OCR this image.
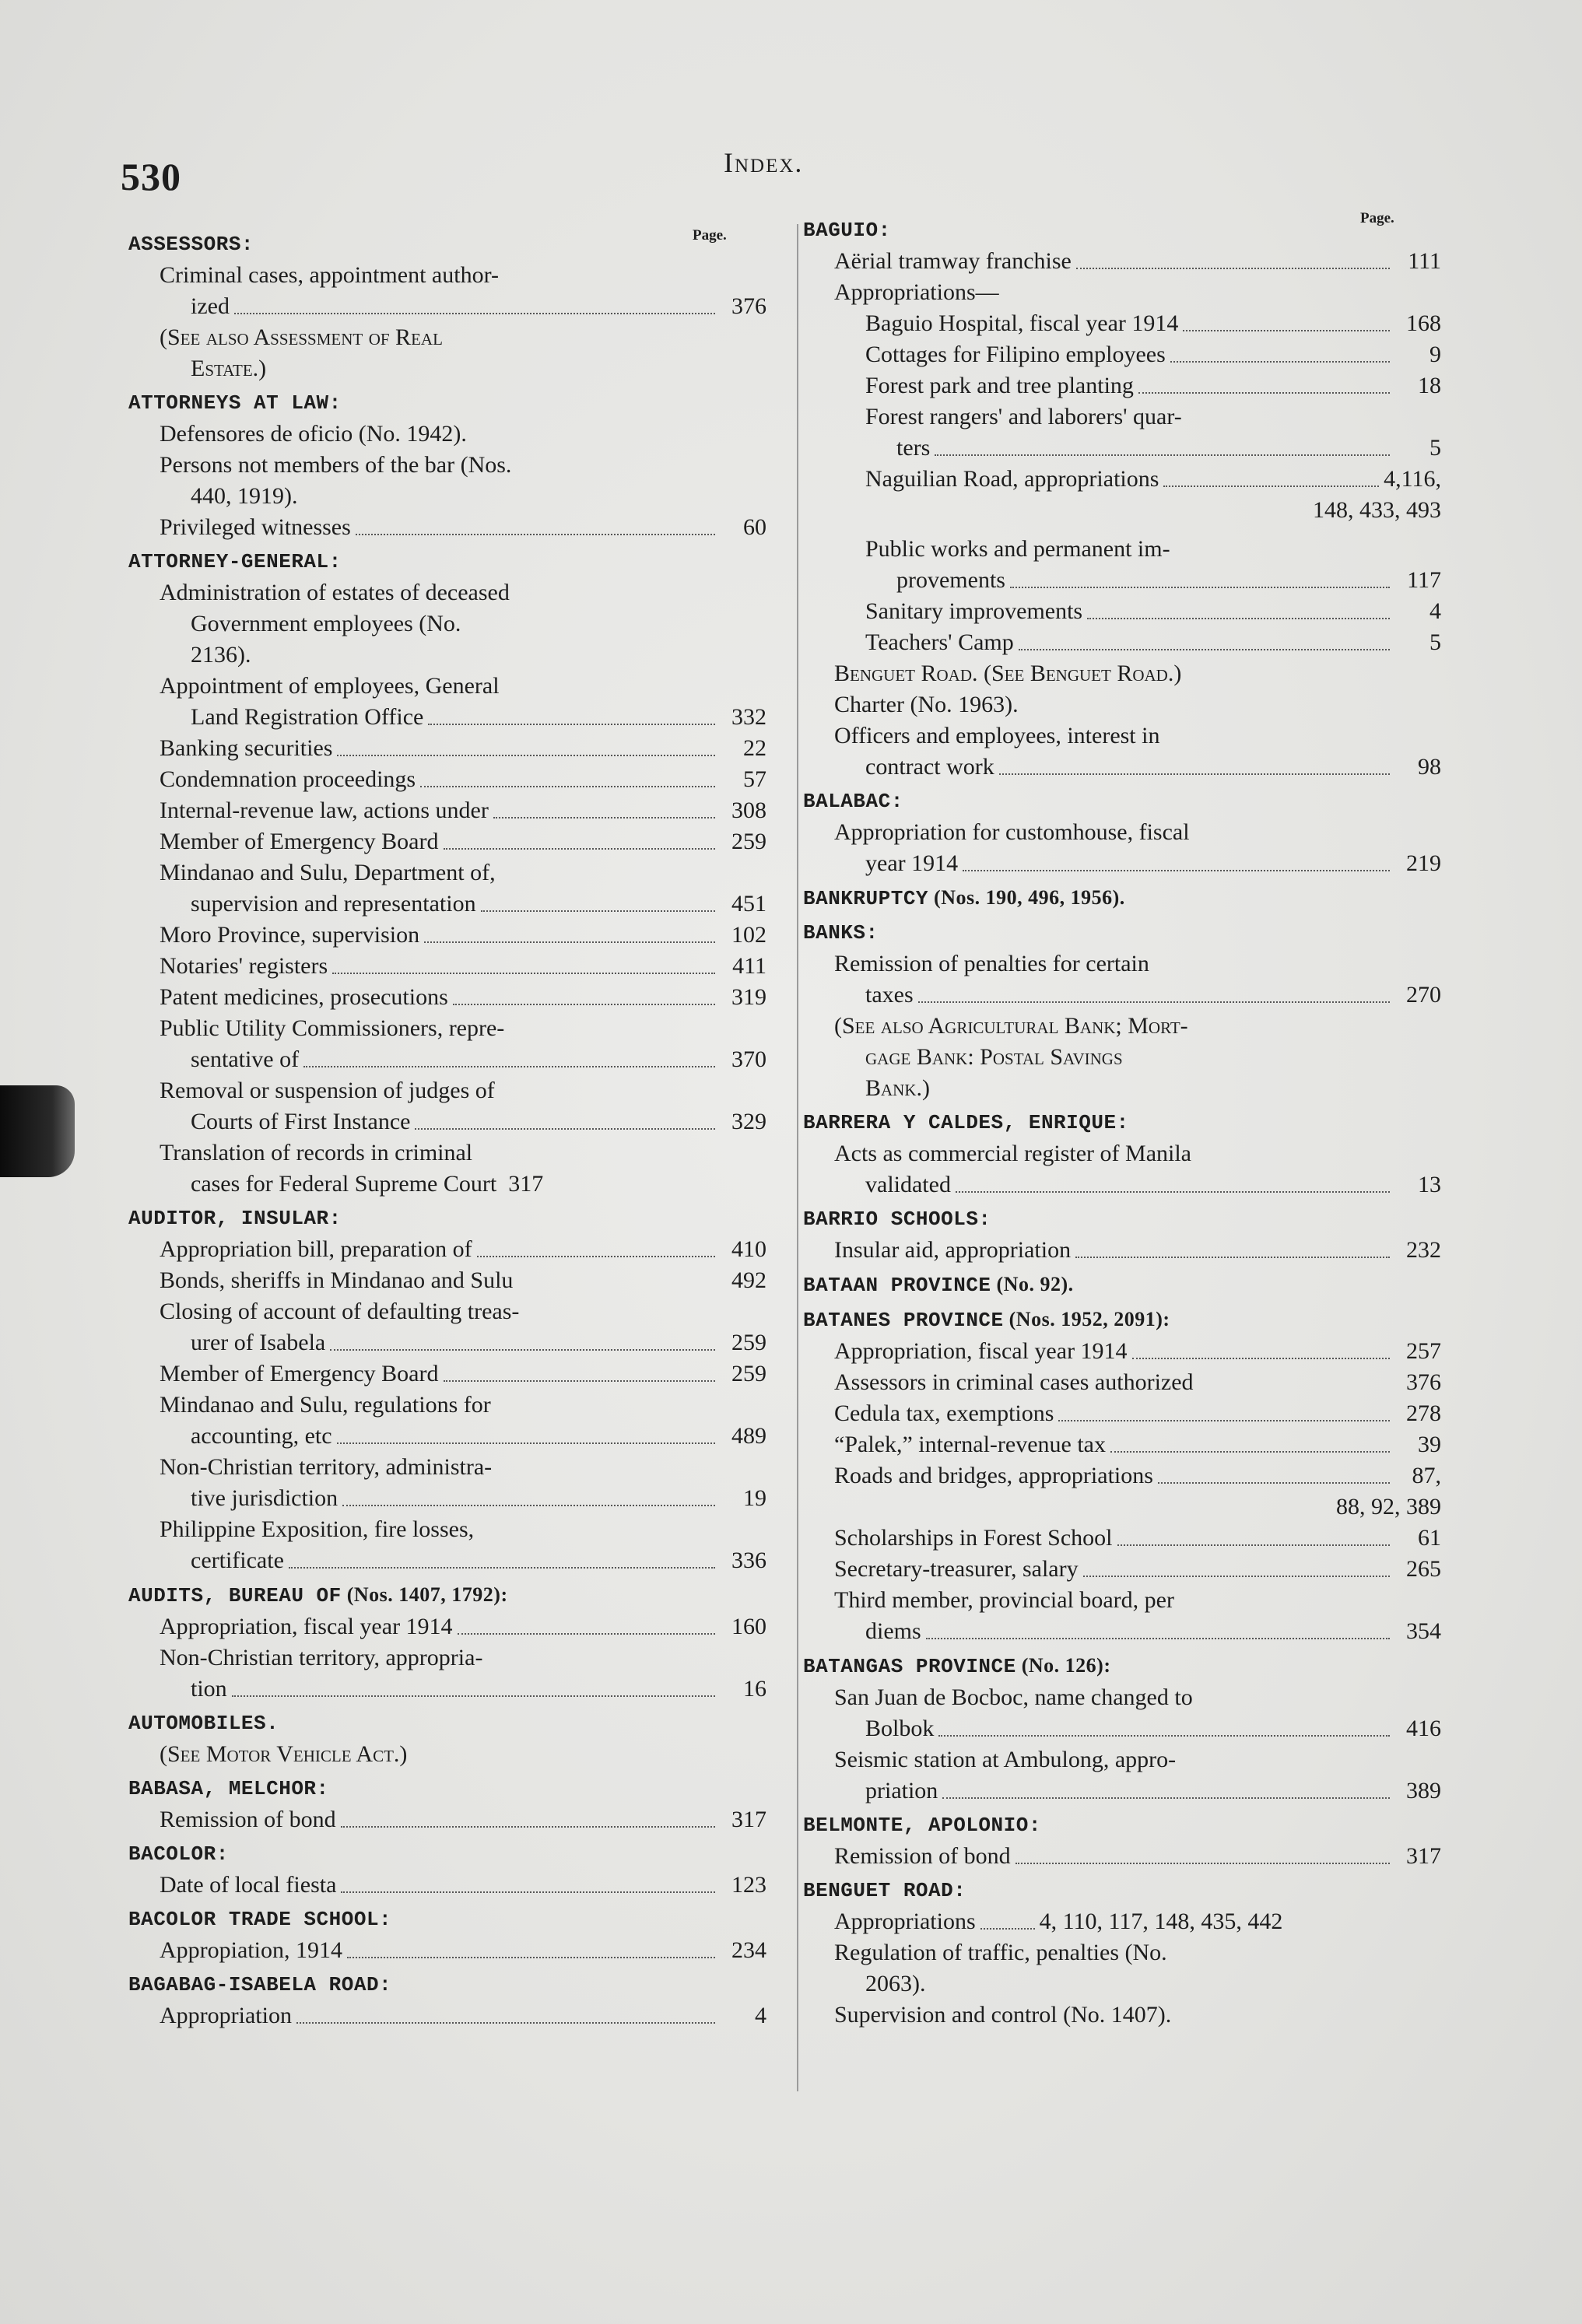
530	Index.
Page.
Page.
ASSESSORS:
Criminal cases, appointment author-
ized	376
(See also Assessment of Real
Estate.)
ATTORNEYS AT LAW:
Defensores de oficio (No. 1942).
Persons not members of the bar (Nos.
440, 1919).
Privileged witnesses	60
ATTORNEY-GENERAL:
Administration of estates of deceased
Government employees (No.
2136).
Appointment of employees, General
Land Registration Office	332
Banking securities	22
Condemnation proceedings	57
Internal-revenue law, actions under	308
Member of Emergency Board	259
Mindanao and Sulu, Department of,
supervision and representation	451
Moro Province, supervision	102
Notaries' registers	411
Patent medicines, prosecutions	319
Public Utility Commissioners, repre-
sentative of	370
Removal or suspension of judges of
Courts of First Instance	329
Translation of records in criminal
cases for Federal Supreme Court 317
AUDITOR, INSULAR:
Appropriation bill, preparation of	410
Bonds, sheriffs in Mindanao and Sulu	492
Closing of account of defaulting treas-
urer of Isabela	259
Member of Emergency Board	259
Mindanao and Sulu, regulations for
accounting, etc	489
Non-Christian territory, administra-
tive jurisdiction	19
Philippine Exposition, fire losses,
certificate	336
AUDITS, BUREAU OF (Nos. 1407, 1792):
Appropriation, fiscal year 1914	160
Non-Christian territory, appropria-
tion	16
AUTOMOBILES.
(See Motor Vehicle Act.)
BABASA, MELCHOR:
Remission of bond	317
BACOLOR:
Date of local fiesta	123
BACOLOR TRADE SCHOOL:
Appropiation, 1914	234
BAGABAG-ISABELA ROAD:
Appropriation	4
BAGUIO:
Aërial tramway franchise	111
Appropriations—
Baguio Hospital, fiscal year 1914	168
Cottages for Filipino employees	9
Forest park and tree planting	18
Forest rangers' and laborers' quar-
ters	5
Naguilian Road, appropriations	4,116,
148, 433, 493
Public works and permanent im-
provements	117
Sanitary improvements	4
Teachers' Camp	5
Benguet Road. (See Benguet Road.)
Charter (No. 1963).
Officers and employees, interest in
contract work	98
BALABAC:
Appropriation for customhouse, fiscal
year 1914	219
BANKRUPTCY (Nos. 190, 496, 1956).
BANKS:
Remission of penalties for certain
taxes	270
(See also Agricultural Bank; Mort-
gage Bank: Postal Savings
Bank.)
BARRERA Y CALDES, ENRIQUE:
Acts as commercial register of Manila
validated	13
BARRIO SCHOOLS:
Insular aid, appropriation	232
BATAAN PROVINCE (No. 92).
BATANES PROVINCE (Nos. 1952, 2091):
Appropriation, fiscal year 1914	257
Assessors in criminal cases authorized	376
Cedula tax, exemptions	278
“Palek,” internal-revenue tax	39
Roads and bridges, appropriations	87,
88, 92, 389
Scholarships in Forest School	61
Secretary-treasurer, salary	265
Third member, provincial board, per
diems	354
BATANGAS PROVINCE (No. 126):
San Juan de Bocboc, name changed to
Bolbok	416
Seismic station at Ambulong, appro-
priation	389
BELMONTE, APOLONIO:
Remission of bond	317
BENGUET ROAD:
Appropriations	4, 110, 117, 148, 435, 442
Regulation of traffic, penalties (No.
2063).
Supervision and control (No. 1407).
